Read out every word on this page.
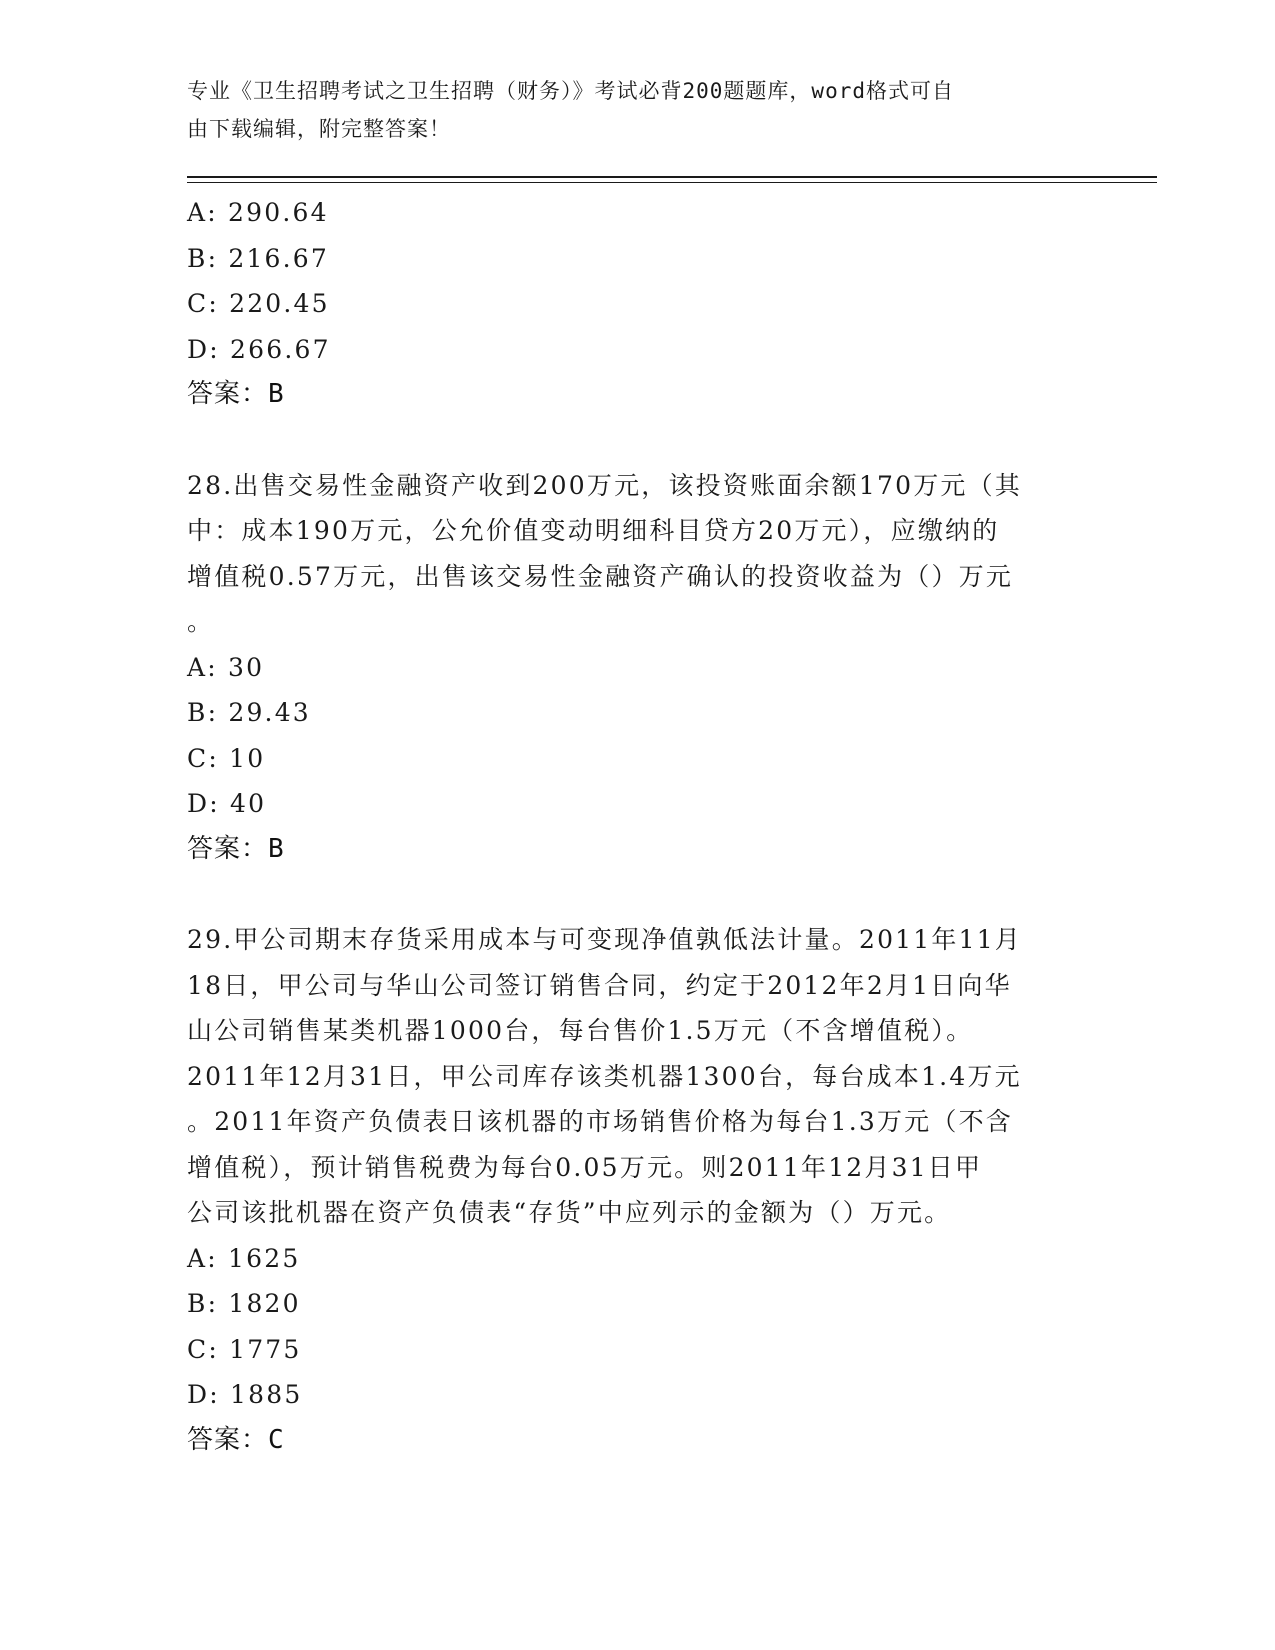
专业《卫生招聘考试之卫生招聘（财务）》考试必背200题题库，word格式可自
由下载编辑，附完整答案！
A: 290.64
B: 216.67
C: 220.45
D: 266.67
答案：B
28.出售交易性金融资产收到200万元，该投资账面余额170万元（其
中：成本190万元，公允价值变动明细科目贷方20万元），应缴纳的
增值税0.57万元，出售该交易性金融资产确认的投资收益为（）万元
。
A: 30
B: 29.43
C: 10
D: 40
答案：B
29.甲公司期末存货采用成本与可变现净值孰低法计量。2011年11月
18日，甲公司与华山公司签订销售合同，约定于2012年2月1日向华
山公司销售某类机器1000台，每台售价1.5万元（不含增值税）。
2011年12月31日，甲公司库存该类机器1300台，每台成本1.4万元
。2011年资产负债表日该机器的市场销售价格为每台1.3万元（不含
增值税），预计销售税费为每台0.05万元。则2011年12月31日甲
公司该批机器在资产负债表“存货”中应列示的金额为（）万元。
A: 1625
B: 1820
C: 1775
D: 1885
答案：C
